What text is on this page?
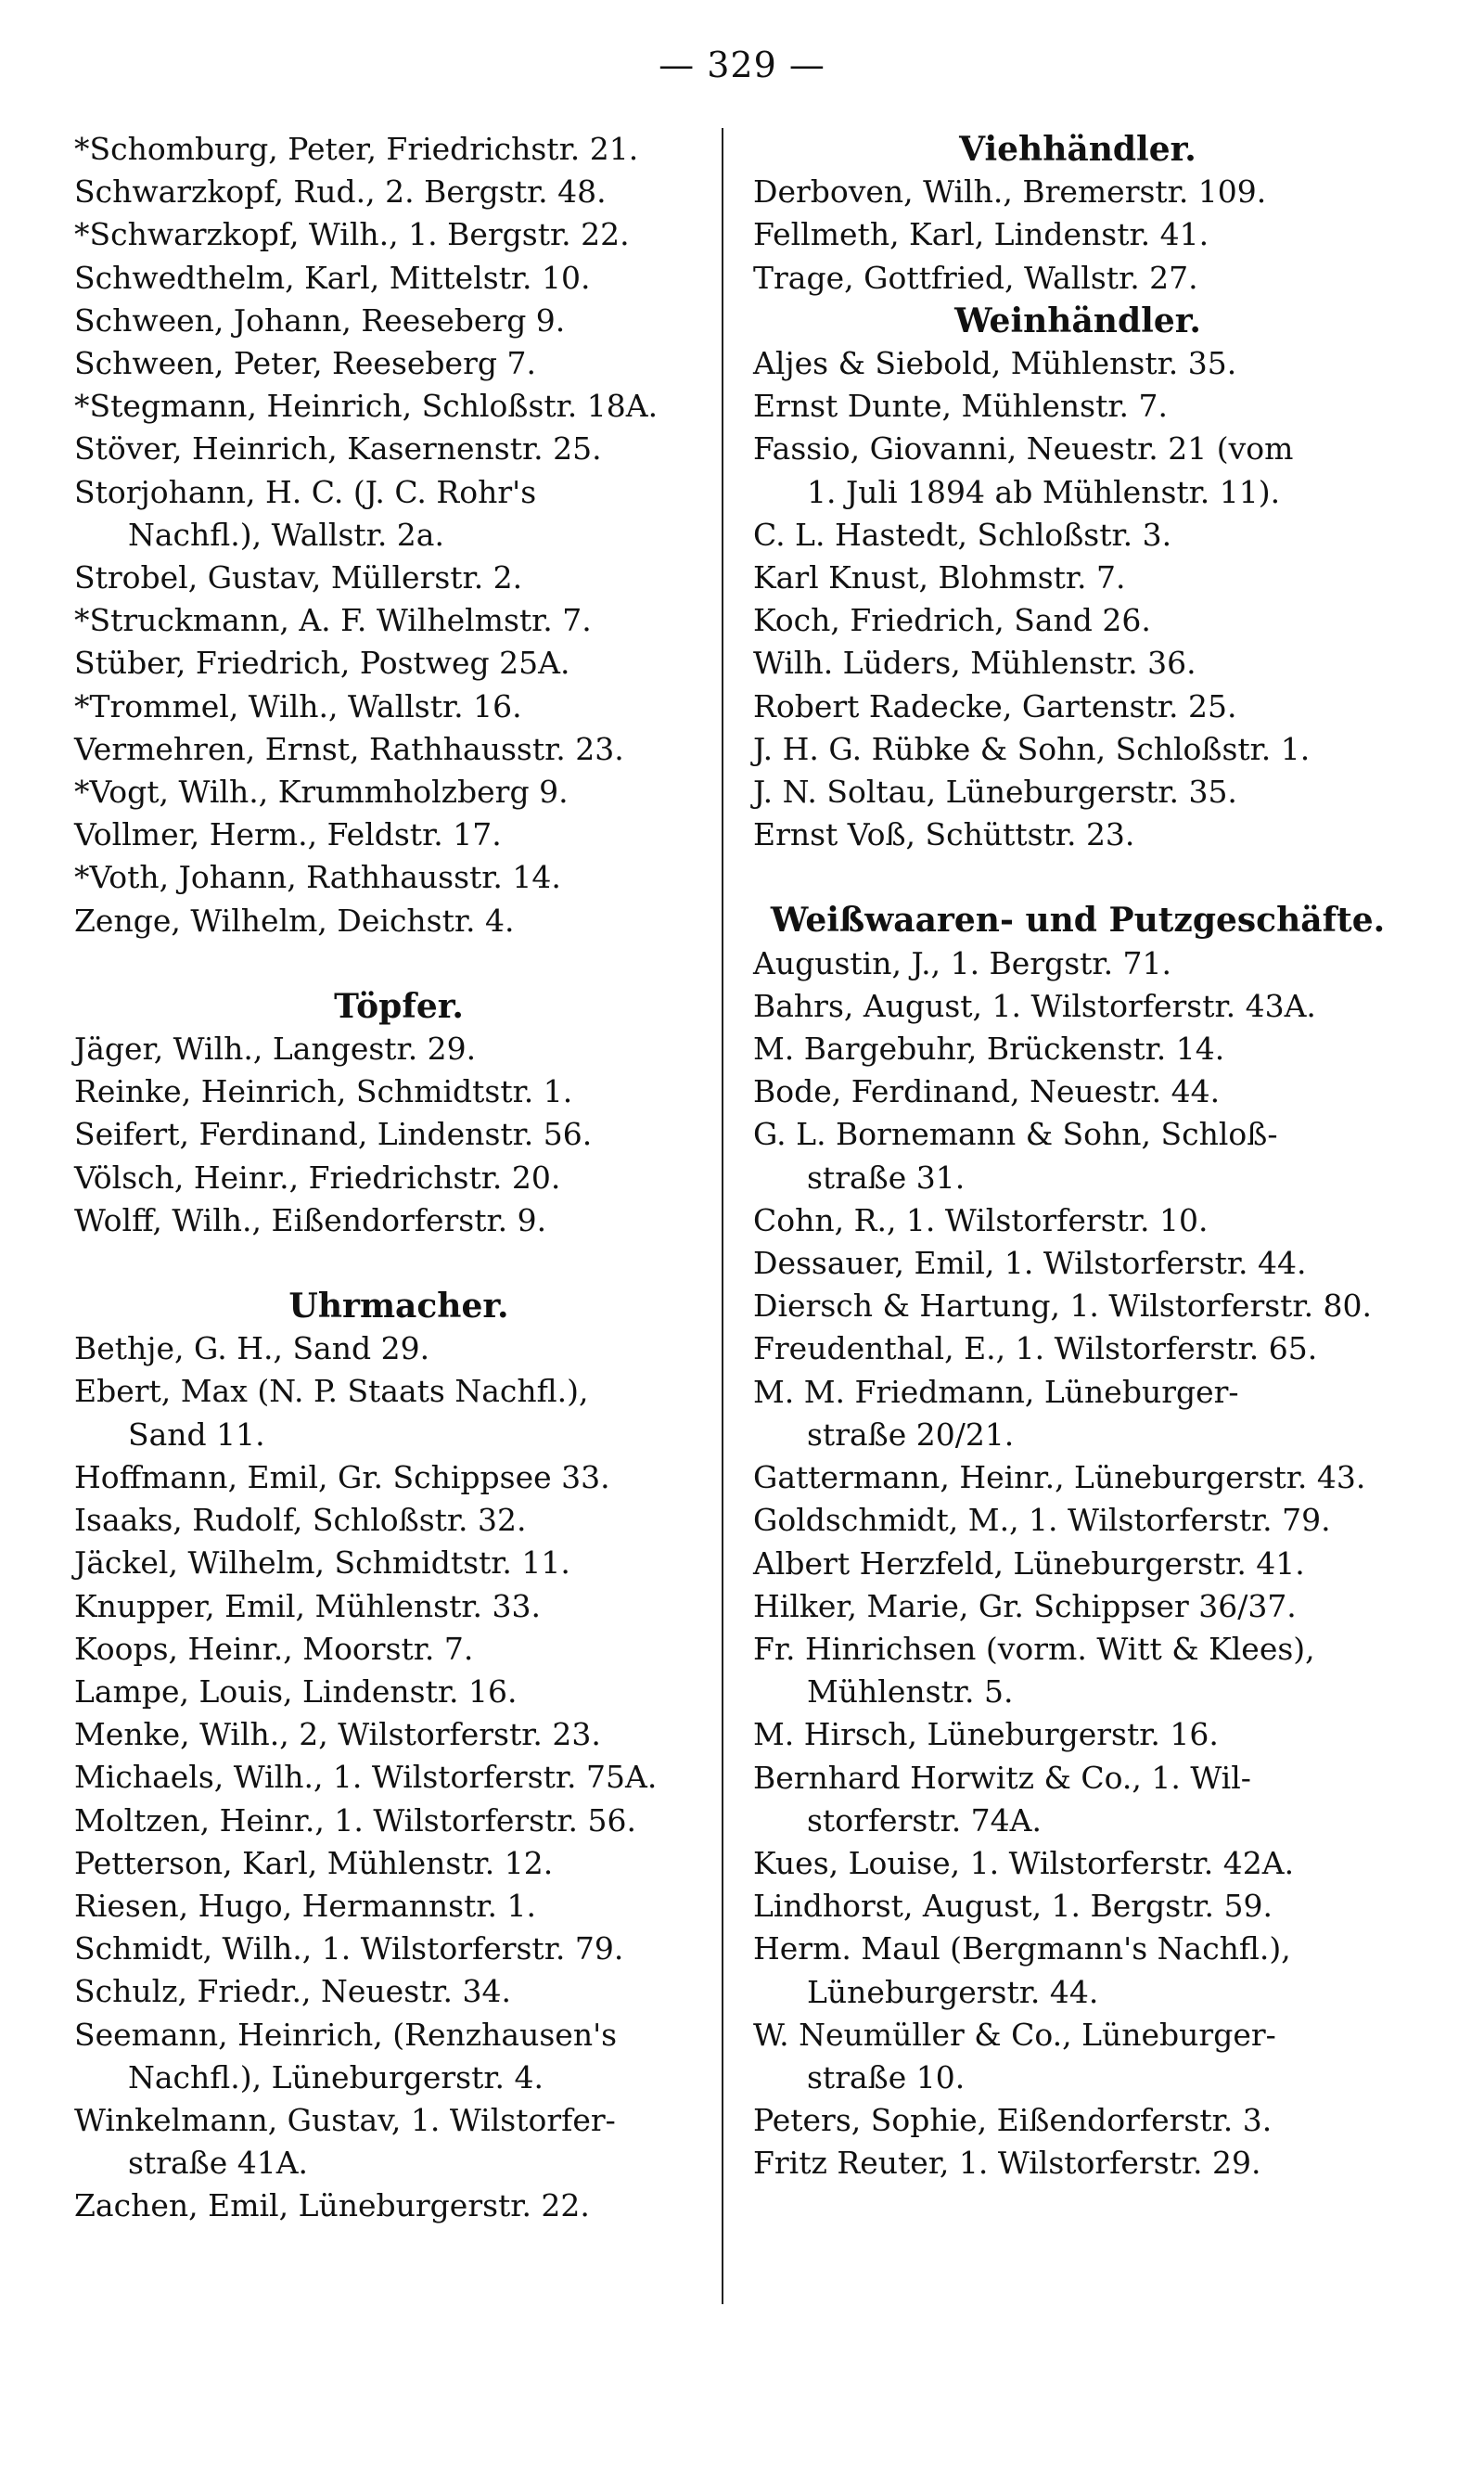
— 329 —
*Schomburg, Peter, Friedrichstr. 21.
Schwarzkopf, Rud., 2. Bergstr. 48.
*Schwarzkopf, Wilh., 1. Bergstr. 22.
Schwedthelm, Karl, Mittelstr. 10.
Schween, Johann, Reeseberg 9.
Schween, Peter, Reeseberg 7.
*Stegmann, Heinrich, Schloßstr. 18A.
Stöver, Heinrich, Kasernenstr. 25.
Storjohann, H. C. (J. C. Rohr's
Nachfl.), Wallstr. 2a.
Strobel, Gustav, Müllerstr. 2.
*Struckmann, A. F. Wilhelmstr. 7.
Stüber, Friedrich, Postweg 25A.
*Trommel, Wilh., Wallstr. 16.
Vermehren, Ernst, Rathhausstr. 23.
*Vogt, Wilh., Krummholzberg 9.
Vollmer, Herm., Feldstr. 17.
*Voth, Johann, Rathhausstr. 14.
Zenge, Wilhelm, Deichstr. 4.
Töpfer.
Jäger, Wilh., Langestr. 29.
Reinke, Heinrich, Schmidtstr. 1.
Seifert, Ferdinand, Lindenstr. 56.
Völsch, Heinr., Friedrichstr. 20.
Wolff, Wilh., Eißendorferstr. 9.
Uhrmacher.
Bethje, G. H., Sand 29.
Ebert, Max (N. P. Staats Nachfl.),
Sand 11.
Hoffmann, Emil, Gr. Schippsee 33.
Isaaks, Rudolf, Schloßstr. 32.
Jäckel, Wilhelm, Schmidtstr. 11.
Knupper, Emil, Mühlenstr. 33.
Koops, Heinr., Moorstr. 7.
Lampe, Louis, Lindenstr. 16.
Menke, Wilh., 2, Wilstorferstr. 23.
Michaels, Wilh., 1. Wilstorferstr. 75A.
Moltzen, Heinr., 1. Wilstorferstr. 56.
Petterson, Karl, Mühlenstr. 12.
Riesen, Hugo, Hermannstr. 1.
Schmidt, Wilh., 1. Wilstorferstr. 79.
Schulz, Friedr., Neuestr. 34.
Seemann, Heinrich, (Renzhausen's
Nachfl.), Lüneburgerstr. 4.
Winkelmann, Gustav, 1. Wilstorfer-
straße 41A.
Zachen, Emil, Lüneburgerstr. 22.
Viehhändler.
Derboven, Wilh., Bremerstr. 109.
Fellmeth, Karl, Lindenstr. 41.
Trage, Gottfried, Wallstr. 27.
Weinhändler.
Aljes & Siebold, Mühlenstr. 35.
Ernst Dunte, Mühlenstr. 7.
Fassio, Giovanni, Neuestr. 21 (vom
1. Juli 1894 ab Mühlenstr. 11).
C. L. Hastedt, Schloßstr. 3.
Karl Knust, Blohmstr. 7.
Koch, Friedrich, Sand 26.
Wilh. Lüders, Mühlenstr. 36.
Robert Radecke, Gartenstr. 25.
J. H. G. Rübke & Sohn, Schloßstr. 1.
J. N. Soltau, Lüneburgerstr. 35.
Ernst Voß, Schüttstr. 23.
Weißwaaren- und Putzgeschäfte.
Augustin, J., 1. Bergstr. 71.
Bahrs, August, 1. Wilstorferstr. 43A.
M. Bargebuhr, Brückenstr. 14.
Bode, Ferdinand, Neuestr. 44.
G. L. Bornemann & Sohn, Schloß-
straße 31.
Cohn, R., 1. Wilstorferstr. 10.
Dessauer, Emil, 1. Wilstorferstr. 44.
Diersch & Hartung, 1. Wilstorferstr. 80.
Freudenthal, E., 1. Wilstorferstr. 65.
M. M. Friedmann, Lüneburger-
straße 20/21.
Gattermann, Heinr., Lüneburgerstr. 43.
Goldschmidt, M., 1. Wilstorferstr. 79.
Albert Herzfeld, Lüneburgerstr. 41.
Hilker, Marie, Gr. Schippser 36/37.
Fr. Hinrichsen (vorm. Witt & Klees),
Mühlenstr. 5.
M. Hirsch, Lüneburgerstr. 16.
Bernhard Horwitz & Co., 1. Wil-
storferstr. 74A.
Kues, Louise, 1. Wilstorferstr. 42A.
Lindhorst, August, 1. Bergstr. 59.
Herm. Maul (Bergmann's Nachfl.),
Lüneburgerstr. 44.
W. Neumüller & Co., Lüneburger-
straße 10.
Peters, Sophie, Eißendorferstr. 3.
Fritz Reuter, 1. Wilstorferstr. 29.
